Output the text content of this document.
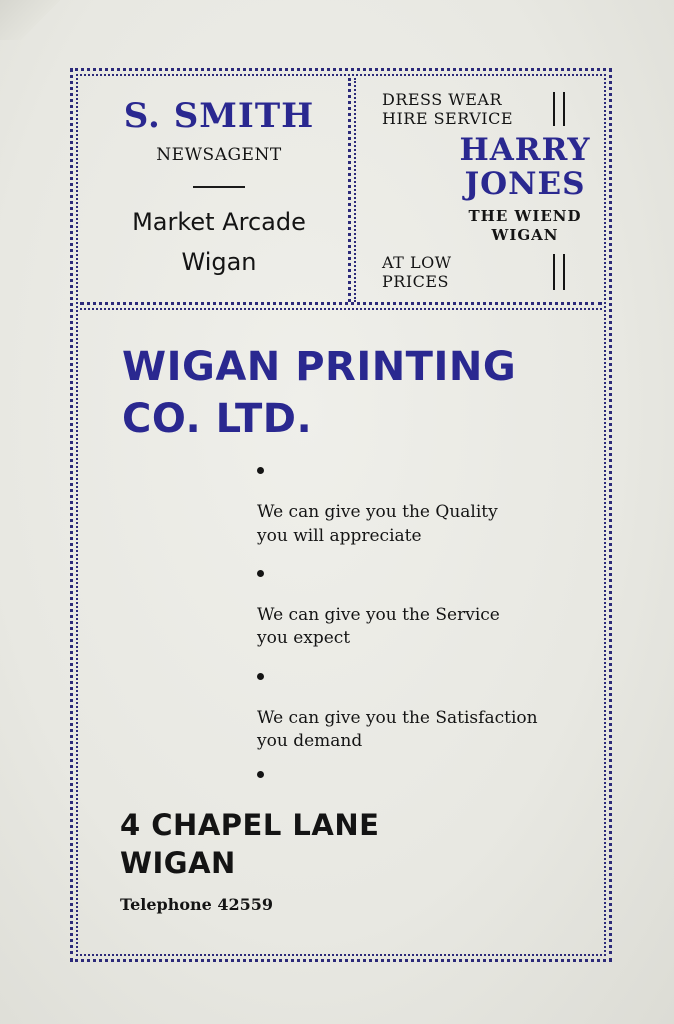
S. SMITH
NEWSAGENT
Market Arcade
Wigan
DRESS WEAR
HIRE SERVICE
HARRY
JONES
THE WIEND
WIGAN
AT LOW
PRICES
WIGAN PRINTING
CO. LTD.
We can give you the Quality
you will appreciate
We can give you the Service
you expect
We can give you the Satisfaction
you demand
4 CHAPEL LANE
WIGAN
Telephone 42559
